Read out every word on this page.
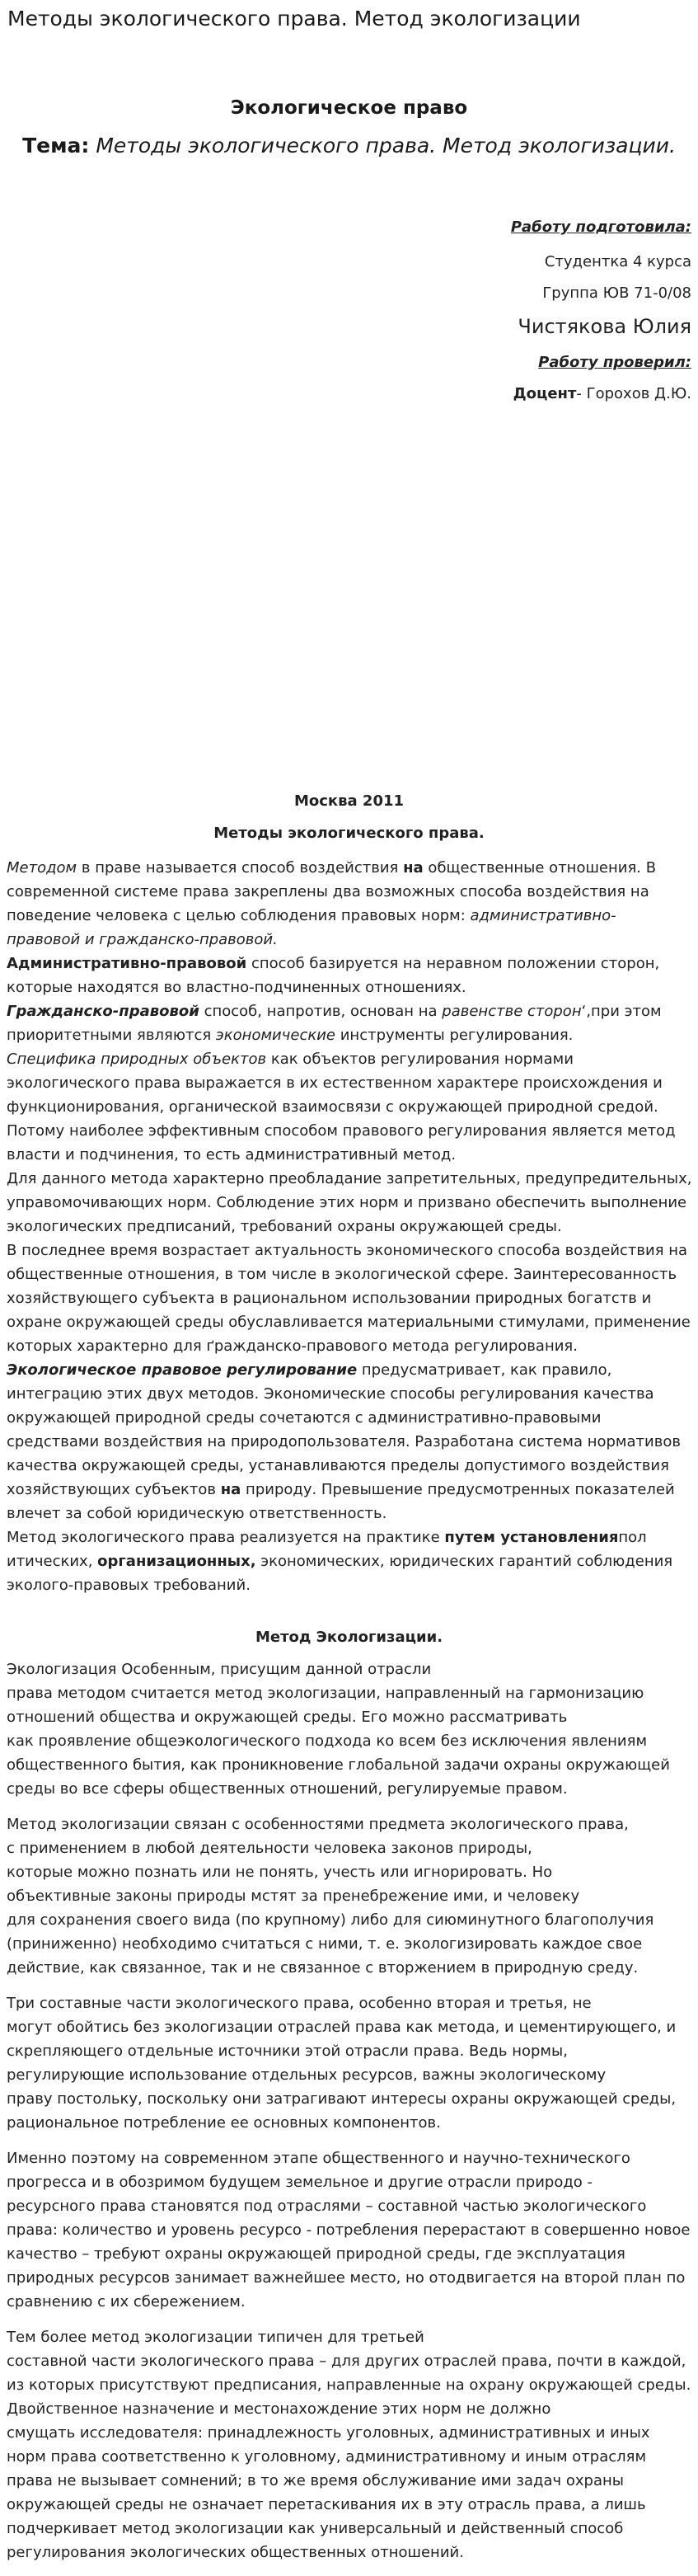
Методы экологического права. Метод экологизации
Экологическое право
Тема: Методы экологического права. Метод экологизации.
Работу подготовила:
Студентка 4 курса
Группа ЮВ 71-0/08
Чистякова Юлия
Работу проверил:
Доцент- Горохов Д.Ю.
Москва 2011
Методы экологического права.
Методом в праве называется способ воздействия на общественные отношения. В
современной системе права закреплены два возможных способа воздействия на
поведение человека с целью соблюдения правовых норм: административно-
правовой и гражданско-правовой.
Административно-правовой способ базируется на неравном положении сторон,
которые находятся во властно-подчиненных отношениях.
Гражданско-правовой способ, напротив, основан на равенстве сторон‘,при этом
приоритетными являются экономические инструменты регулирования.
Специфика природных объектов как объектов регулирования нормами
экологического права выражается в их естественном характере происхождения и
функционирования, органической взаимосвязи с окружающей природной средой.
Потому наиболее эффективным способом правового регулирования является метод
власти и подчинения, то есть административный метод.
Для данного метода характерно преобладание запретительных, предупредительных,
управомочивающих норм. Соблюдение этих норм и призвано обеспечить выполнение
экологических предписаний, требований охраны окружающей среды.
В последнее время возрастает актуальность экономического способа воздействия на
общественные отношения, в том числе в экологической сфере. Заинтересованность
хозяйствующего субъекта в рациональном использовании природных богатств и
охране окружающей среды обуславливается материальными стимулами, применение
которых характерно для ґражданско-правового метода регулирования.
Экологическое правовое регулирование предусматривает, как правило,
интеграцию этих двух методов. Экономические способы регулирования качества
окружающей природной среды сочетаются с административно-правовыми
средствами воздействия на природопользователя. Разработана система нормативов
качества окружающей среды, устанавливаются пределы допустимого воздействия
хозяйствующих субъектов на природу. Превышение предусмотренных показателей
влечет за собой юридическую ответственность.
Метод экологического права реализуется на практике путем установленияпол
итических, организационных, экономических, юридических гарантий соблюдения
эколого-правовых требований.
Метод Экологизации.
Экологизация Особенным, присущим данной отрасли
права методом считается метод экологизации, направленный на гармонизацию
отношений общества и окружающей среды. Его можно рассматривать
как проявление общеэкологического подхода ко всем без исключения явлениям
общественного бытия, как проникновение глобальной задачи охраны окружающей
среды во все сферы общественных отношений, регулируемые правом.
Метод экологизации связан с особенностями предмета экологического права,
с применением в любой деятельности человека законов природы,
которые можно познать или не понять, учесть или игнорировать. Но
объективные законы природы мстят за пренебрежение ими, и человеку
для сохранения своего вида (по крупному) либо для сиюминутного благополучия
(приниженно) необходимо считаться с ними, т. е. экологизировать каждое свое
действие, как связанное, так и не связанное с вторжением в природную среду.
Три составные части экологического права, особенно вторая и третья, не
могут обойтись без экологизации отраслей права как метода, и цементирующего, и
скрепляющего отдельные источники этой отрасли права. Ведь нормы,
регулирующие использование отдельных ресурсов, важны экологическому
праву постольку, поскольку они затрагивают интересы охраны окружающей среды,
рациональное потребление ее основных компонентов.
Именно поэтому на современном этапе общественного и научно-технического
прогресса и в обозримом будущем земельное и другие отрасли природо -
ресурсного права становятся под отраслями – составной частью экологического
права: количество и уровень ресурсо - потребления перерастают в совершенно новое
качество – требуют охраны окружающей природной среды, где эксплуатация
природных ресурсов занимает важнейшее место, но отодвигается на второй план по
сравнению с их сбережением.
Тем более метод экологизации типичен для третьей
составной части экологического права – для других отраслей права, почти в каждой,
из которых присутствуют предписания, направленные на охрану окружающей среды.
Двойственное назначение и местонахождение этих норм не должно
смущать исследователя: принадлежность уголовных, административных и иных
норм права соответственно к уголовному, административному и иным отраслям
права не вызывает сомнений; в то же время обслуживание ими задач охраны
окружающей среды не означает перетаскивания их в эту отрасль права, а лишь
подчеркивает метод экологизации как универсальный и действенный способ
регулирования экологических общественных отношений.
